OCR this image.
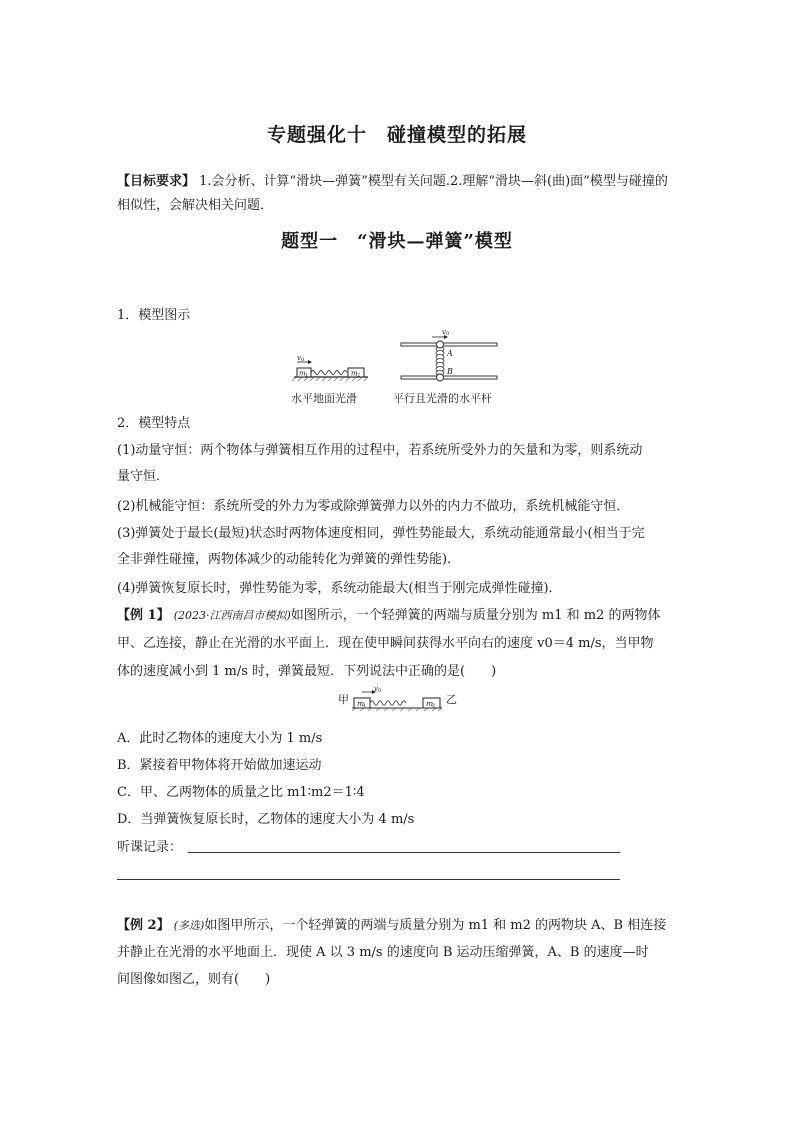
专题强化十　碰撞模型的拓展
【目标要求】 1.会分析、计算“滑块—弹簧”模型有关问题.2.理解“滑块—斜(曲)面”模型与碰撞的相似性，会解决相关问题．
题型一　“滑块—弹簧”模型
1．模型图示
v 0
m 1	m 2
水平地面光滑
v 0
A
B
平行且光滑的水平杆
2．模型特点
(1)动量守恒：两个物体与弹簧相互作用的过程中，若系统所受外力的矢量和为零，则系统动
量守恒．
(2)机械能守恒：系统所受的外力为零或除弹簧弹力以外的内力不做功，系统机械能守恒．
(3)弹簧处于最长(最短)状态时两物体速度相同，弹性势能最大，系统动能通常最小(相当于完
全非弹性碰撞，两物体减少的动能转化为弹簧的弹性势能)．
(4)弹簧恢复原长时，弹性势能为零，系统动能最大(相当于刚完成弹性碰撞)．
【例 1】 (2023·江西南昌市模拟)如图所示，一个轻弹簧的两端与质量分别为 m1 和 m2 的两物体
甲、乙连接，静止在光滑的水平面上．现在使甲瞬间获得水平向右的速度 v0＝4 m/s，当甲物
体的速度减小到 1 m/s 时，弹簧最短．下列说法中正确的是(　　)
甲
v 0
m
1	m
2 乙
A．此时乙物体的速度大小为 1 m/s
B．紧接着甲物体将开始做加速运动
C．甲、乙两物体的质量之比 m1∶m2＝1∶4
D．当弹簧恢复原长时，乙物体的速度大小为 4 m/s
听课记录：
【例 2】 (多选)如图甲所示，一个轻弹簧的两端与质量分别为 m1 和 m2 的两物块 A、B 相连接
并静止在光滑的水平地面上．现使 A 以 3 m/s 的速度向 B 运动压缩弹簧，A、B 的速度—时
间图像如图乙，则有(　　)
